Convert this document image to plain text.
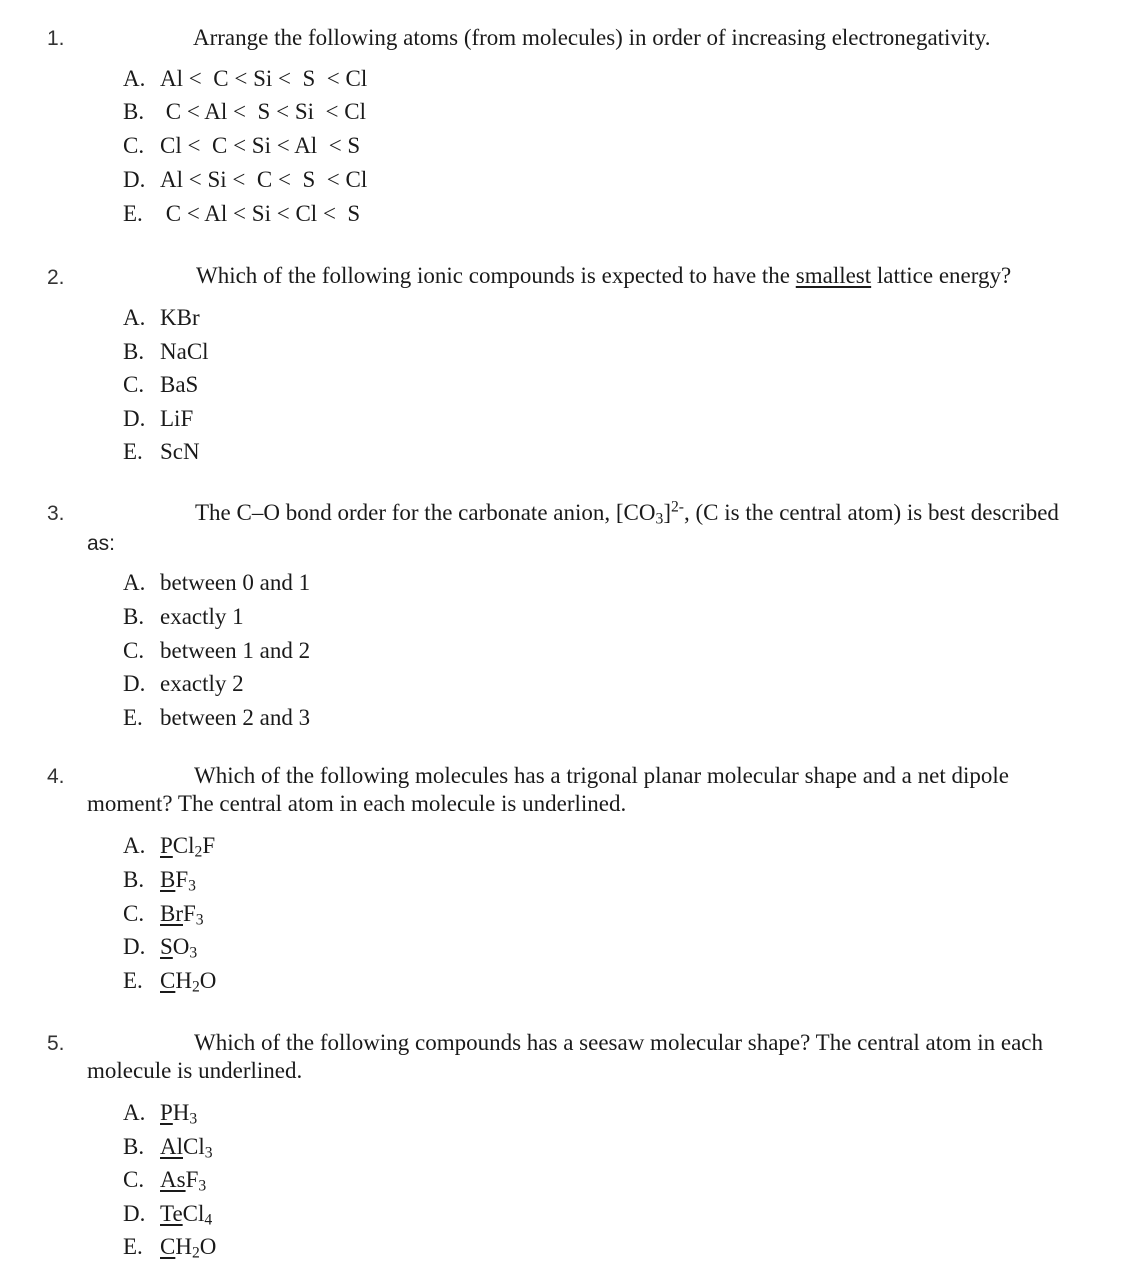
1.	Arrange the following atoms (from molecules) in order of increasing electronegativity.
A. Al <  C < Si <  S  < Cl
B. C < Al <  S < Si  < Cl
C. Cl <  C < Si < Al  < S
D. Al < Si <  C <  S  < Cl
E. C < Al < Si < Cl <  S
2.	Which of the following ionic compounds is expected to have the smallest lattice energy?
A. KBr
B. NaCl
C. BaS
D. LiF
E. ScN
3.	The C–O bond order for the carbonate anion, $[CO_3]^{2-}$, (C is the central atom) is best described
as:
A. between 0 and 1
B. exactly 1
C. between 1 and 2
D. exactly 2
E. between 2 and 3
4.	Which of the following molecules has a trigonal planar molecular shape and a net dipole
moment? The central atom in each molecule is underlined.
A. PCl$_2$F
B. $BF_3$
C. BrF$_3$
D. $SO_3$
E. $CH_2O$
5.	Which of the following compounds has a seesaw molecular shape? The central atom in each
molecule is underlined.
A. $PH_3$
B. AlCl$_3$
C. AsF$_3$
D. TeCl$_4$
E. $CH_2O$
